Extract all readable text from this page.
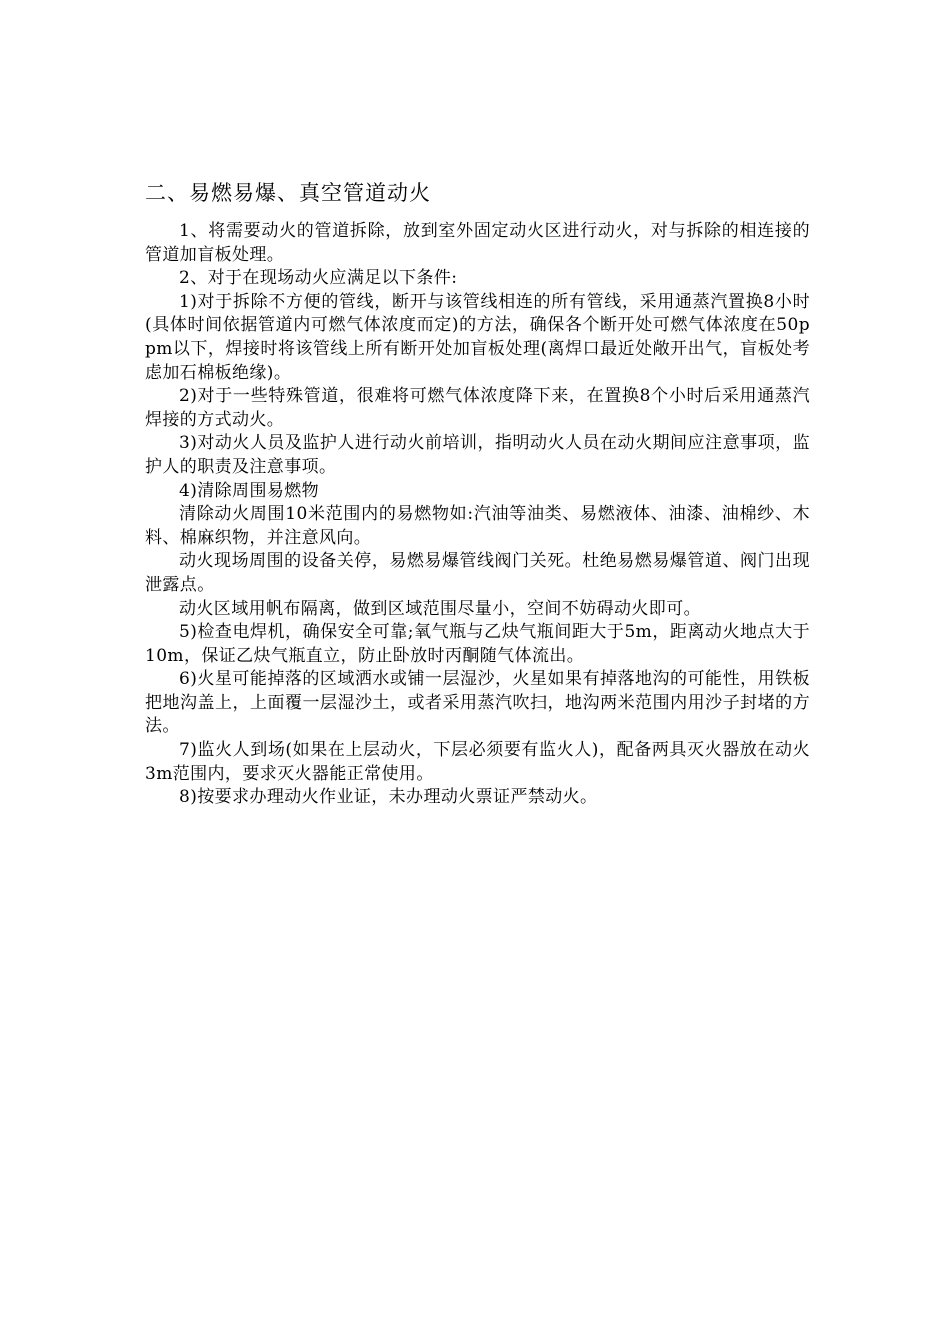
二、易燃易爆、真空管道动火

1、将需要动火的管道拆除，放到室外固定动火区进行动火，对与拆除的相连接的管道加盲板处理。

2、对于在现场动火应满足以下条件:

1)对于拆除不方便的管线，断开与该管线相连的所有管线，采用通蒸汽置换8小时(具体时间依据管道内可燃气体浓度而定)的方法，确保各个断开处可燃气体浓度在50ppm以下，焊接时将该管线上所有断开处加盲板处理(离焊口最近处敞开出气，盲板处考虑加石棉板绝缘)。

2)对于一些特殊管道，很难将可燃气体浓度降下来，在置换8个小时后采用通蒸汽焊接的方式动火。

3)对动火人员及监护人进行动火前培训，指明动火人员在动火期间应注意事项，监护人的职责及注意事项。

4)清除周围易燃物

清除动火周围10米范围内的易燃物如:汽油等油类、易燃液体、油漆、油棉纱、木料、棉麻织物，并注意风向。

动火现场周围的设备关停，易燃易爆管线阀门关死。杜绝易燃易爆管道、阀门出现泄露点。

动火区域用帆布隔离，做到区域范围尽量小，空间不妨碍动火即可。

5)检查电焊机，确保安全可靠;氧气瓶与乙炔气瓶间距大于5m，距离动火地点大于10m，保证乙炔气瓶直立，防止卧放时丙酮随气体流出。

6)火星可能掉落的区域洒水或铺一层湿沙，火星如果有掉落地沟的可能性，用铁板把地沟盖上，上面覆一层湿沙土，或者采用蒸汽吹扫，地沟两米范围内用沙子封堵的方法。

7)监火人到场(如果在上层动火，下层必须要有监火人)，配备两具灭火器放在动火3m范围内，要求灭火器能正常使用。

8)按要求办理动火作业证，未办理动火票证严禁动火。
